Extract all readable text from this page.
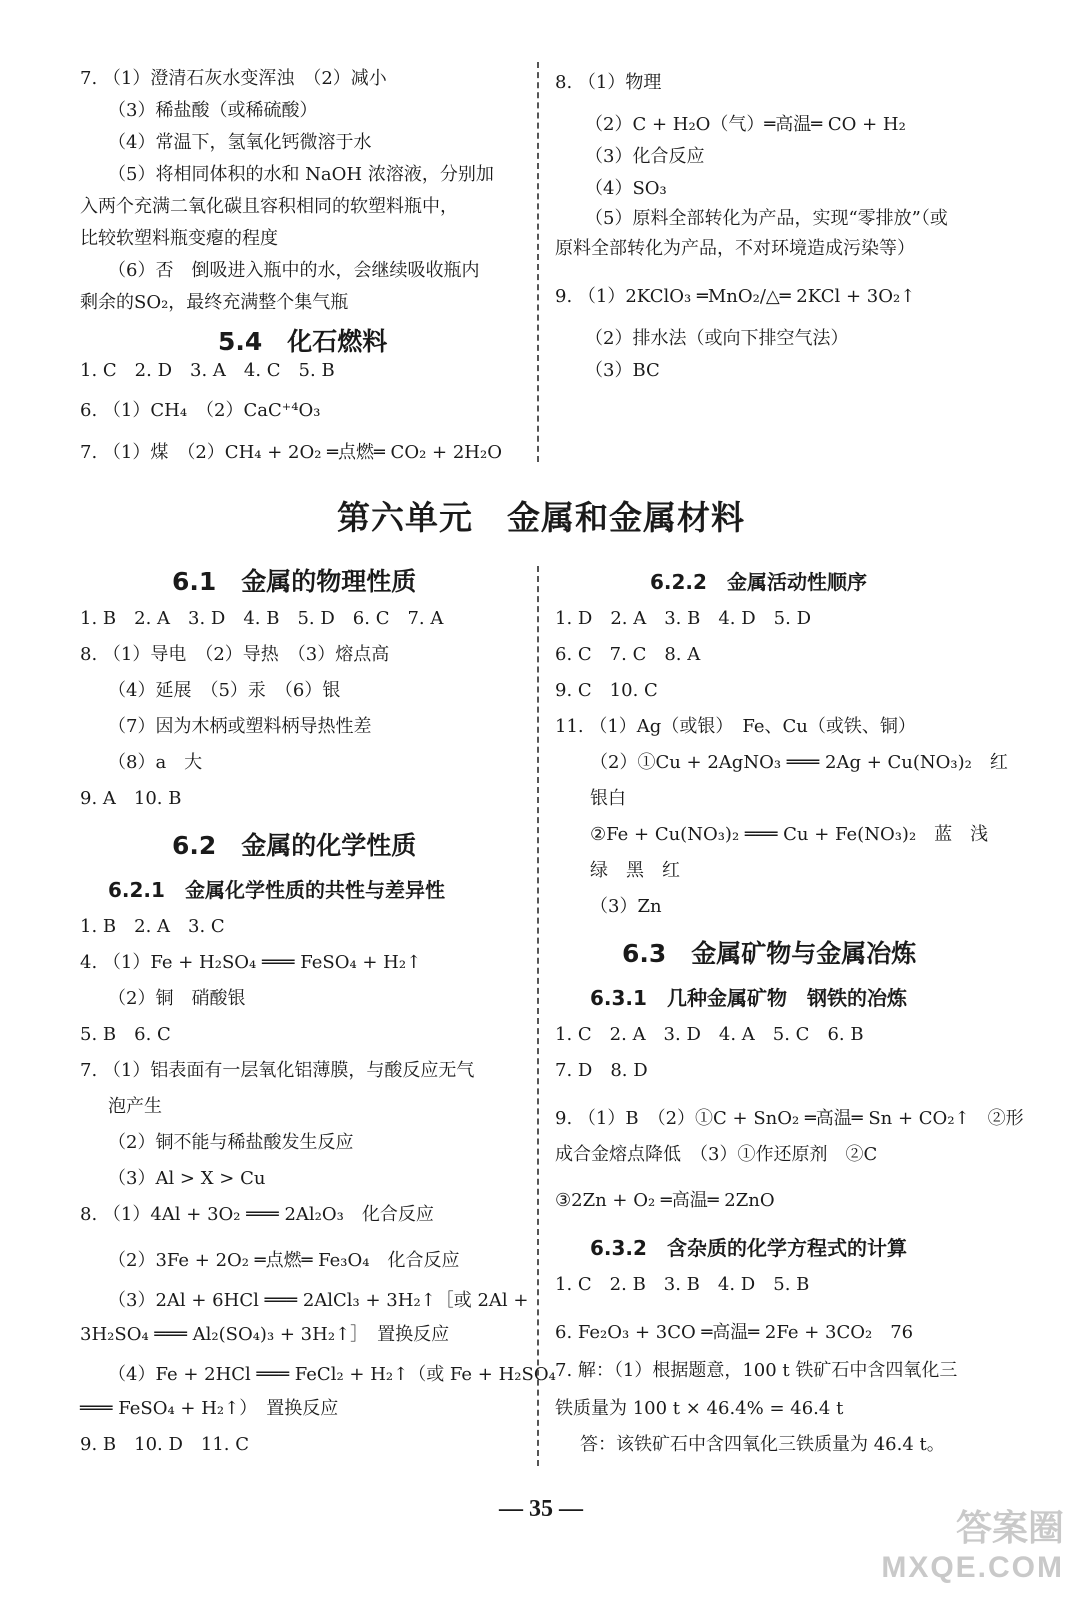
7. （1）澄清石灰水变浑浊　（2）减小
（3）稀盐酸（或稀硫酸）
（4）常温下，氢氧化钙微溶于水
（5）将相同体积的水和 NaOH 浓溶液，分别加
入两个充满二氧化碳且容积相同的软塑料瓶中，
比较软塑料瓶变瘪的程度
（6）否　倒吸进入瓶中的水，会继续吸收瓶内
剩余的SO₂，最终充满整个集气瓶
5.4　化石燃料
1. C　2. D　3. A　4. C　5. B
6. （1）CH₄　（2）CaC⁺⁴O₃
7. （1）煤　（2）CH₄ + 2O₂ ═点燃═ CO₂ + 2H₂O
8. （1）物理
（2）C + H₂O（气）═高温═ CO + H₂
（3）化合反应
（4）SO₃
（5）原料全部转化为产品，实现“零排放”（或
原料全部转化为产品，不对环境造成污染等）
9. （1）2KClO₃ ═MnO₂/△═ 2KCl + 3O₂↑
（2）排水法（或向下排空气法）
（3）BC
第六单元　金属和金属材料
6.1　金属的物理性质
1. B　2. A　3. D　4. B　5. D　6. C　7. A
8. （1）导电　（2）导热　（3）熔点高
（4）延展　（5）汞　（6）银
（7）因为木柄或塑料柄导热性差
（8）a　大
9. A　10. B
6.2　金属的化学性质
6.2.1　金属化学性质的共性与差异性
1. B　2. A　3. C
4. （1）Fe + H₂SO₄ ═══ FeSO₄ + H₂↑
（2）铜　硝酸银
5. B　6. C
7. （1）铝表面有一层氧化铝薄膜，与酸反应无气
泡产生
（2）铜不能与稀盐酸发生反应
（3）Al > X > Cu
8. （1）4Al + 3O₂ ═══ 2Al₂O₃　化合反应
（2）3Fe + 2O₂ ═点燃═ Fe₃O₄　化合反应
（3）2Al + 6HCl ═══ 2AlCl₃ + 3H₂↑［或 2Al +
3H₂SO₄ ═══ Al₂(SO₄)₃ + 3H₂↑］　置换反应
（4）Fe + 2HCl ═══ FeCl₂ + H₂↑（或 Fe + H₂SO₄
═══ FeSO₄ + H₂↑）　置换反应
9. B　10. D　11. C
6.2.2　金属活动性顺序
1. D　2. A　3. B　4. D　5. D
6. C　7. C　8. A
9. C　10. C
11. （1）Ag（或银）　Fe、Cu（或铁、铜）
（2）①Cu + 2AgNO₃ ═══ 2Ag + Cu(NO₃)₂　红
银白
②Fe + Cu(NO₃)₂ ═══ Cu + Fe(NO₃)₂　蓝　浅
绿　黑　红
（3）Zn
6.3　金属矿物与金属冶炼
6.3.1　几种金属矿物　钢铁的冶炼
1. C　2. A　3. D　4. A　5. C　6. B
7. D　8. D
9. （1）B　（2）①C + SnO₂ ═高温═ Sn + CO₂↑　②形
成合金熔点降低　（3）①作还原剂　②C
③2Zn + O₂ ═高温═ 2ZnO
6.3.2　含杂质的化学方程式的计算
1. C　2. B　3. B　4. D　5. B
6. Fe₂O₃ + 3CO ═高温═ 2Fe + 3CO₂　76
7. 解：（1）根据题意，100 t 铁矿石中含四氧化三
铁质量为 100 t × 46.4% = 46.4 t
答：该铁矿石中含四氧化三铁质量为 46.4 t。
— 35 —	答案圈
MXQE.COM
